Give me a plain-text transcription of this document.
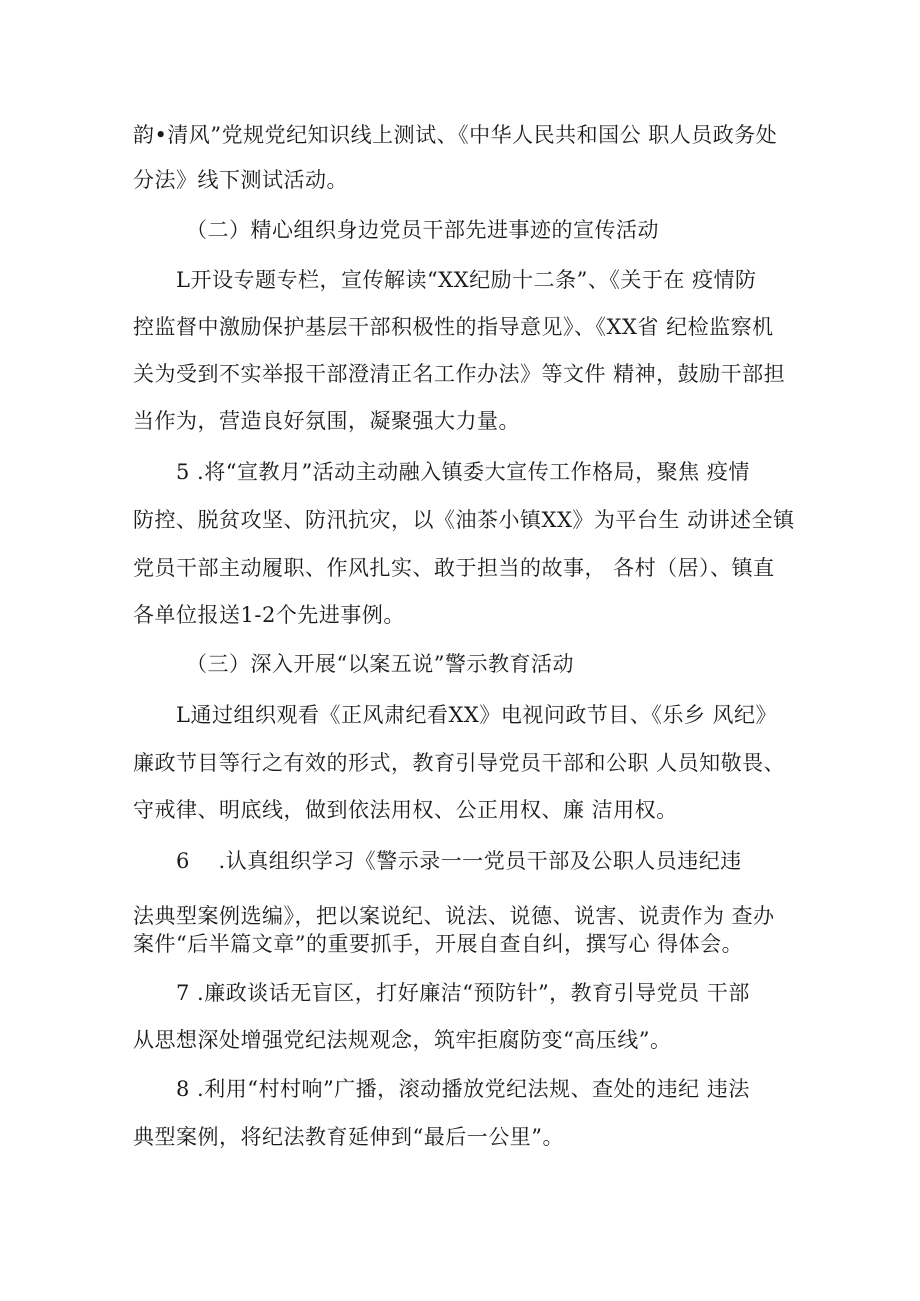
韵•清风”党规党纪知识线上测试、《中华人民共和国公 职人员政务处
分法》线下测试活动。
（二）精心组织身边党员干部先进事迹的宣传活动
L开设专题专栏，宣传解读“XX纪励十二条”、《关于在 疫情防
控监督中激励保护基层干部积极性的指导意见》、《XX省 纪检监察机
关为受到不实举报干部澄清正名工作办法》等文件 精神，鼓励干部担
当作为，营造良好氛围，凝聚强大力量。
5 .将“宣教月”活动主动融入镇委大宣传工作格局，聚焦 疫情
防控、脱贫攻坚、防汛抗灾，以《油茶小镇XX》为平台生 动讲述全镇
党员干部主动履职、作风扎实、敢于担当的故事， 各村（居）、镇直
各单位报送1-2个先进事例。
（三）深入开展“以案五说”警示教育活动
L通过组织观看《正风肃纪看XX》电视问政节目、《乐乡 风纪》
廉政节目等行之有效的形式，教育引导党员干部和公职 人员知敬畏、
守戒律、明底线，做到依法用权、公正用权、廉 洁用权。
6 　.认真组织学习《警示录一一党员干部及公职人员违纪违
法典型案例选编》，把以案说纪、说法、说德、说害、说责作为 查办
案件“后半篇文章”的重要抓手，开展自查自纠，撰写心 得体会。
7 .廉政谈话无盲区，打好廉洁“预防针”，教育引导党员 干部
从思想深处增强党纪法规观念，筑牢拒腐防变“高压线”。
8 .利用“村村响”广播，滚动播放党纪法规、查处的违纪 违法
典型案例，将纪法教育延伸到“最后一公里”。
